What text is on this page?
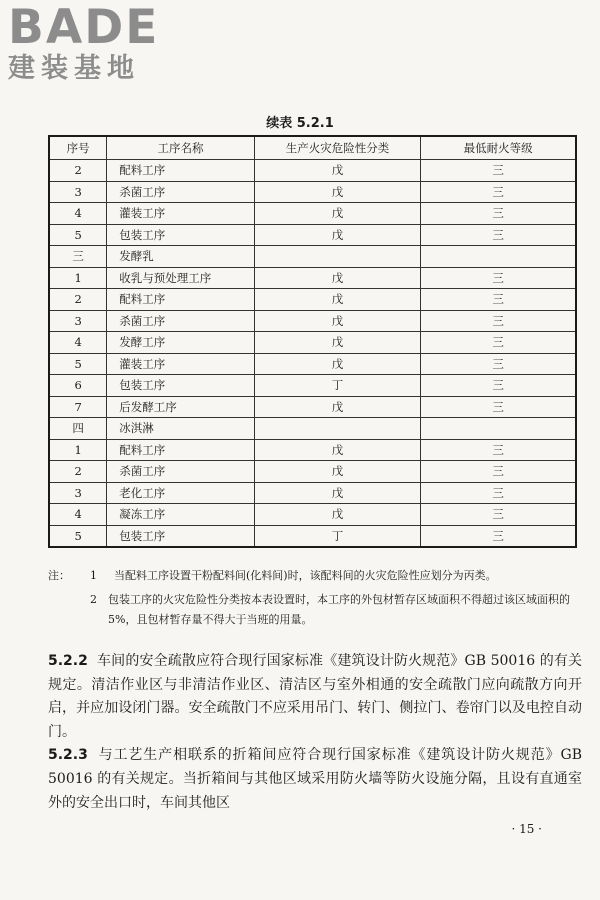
BADE
建装基地
续表 5.2.1
序号	工序名称	生产火灾危险性分类	最低耐火等级
2	配料工序	戊	三
3	杀菌工序	戊	三
4	灌装工序	戊	三
5	包装工序	戊	三
三	发酵乳		
1	收乳与预处理工序	戊	三
2	配料工序	戊	三
3	杀菌工序	戊	三
4	发酵工序	戊	三
5	灌装工序	戊	三
6	包装工序	丁	三
7	后发酵工序	戊	三
四	冰淇淋		
1	配料工序	戊	三
2	杀菌工序	戊	三
3	老化工序	戊	三
4	凝冻工序	戊	三
5	包装工序	丁	三
注： 1 当配料工序设置干粉配料间(化料间)时，该配料间的火灾危险性应划分为丙类。
2 包装工序的火灾危险性分类按本表设置时，本工序的外包材暂存区域面积不得超过该区域面积的 5%，且包材暂存量不得大于当班的用量。

5.2.2 车间的安全疏散应符合现行国家标准《建筑设计防火规范》GB 50016 的有关规定。清洁作业区与非清洁作业区、清洁区与室外相通的安全疏散门应向疏散方向开启，并应加设闭门器。安全疏散门不应采用吊门、转门、侧拉门、卷帘门以及电控自动门。

5.2.3 与工艺生产相联系的折箱间应符合现行国家标准《建筑设计防火规范》GB 50016 的有关规定。当折箱间与其他区域采用防火墙等防火设施分隔，且设有直通室外的安全出口时，车间其他区

· 15 ·
